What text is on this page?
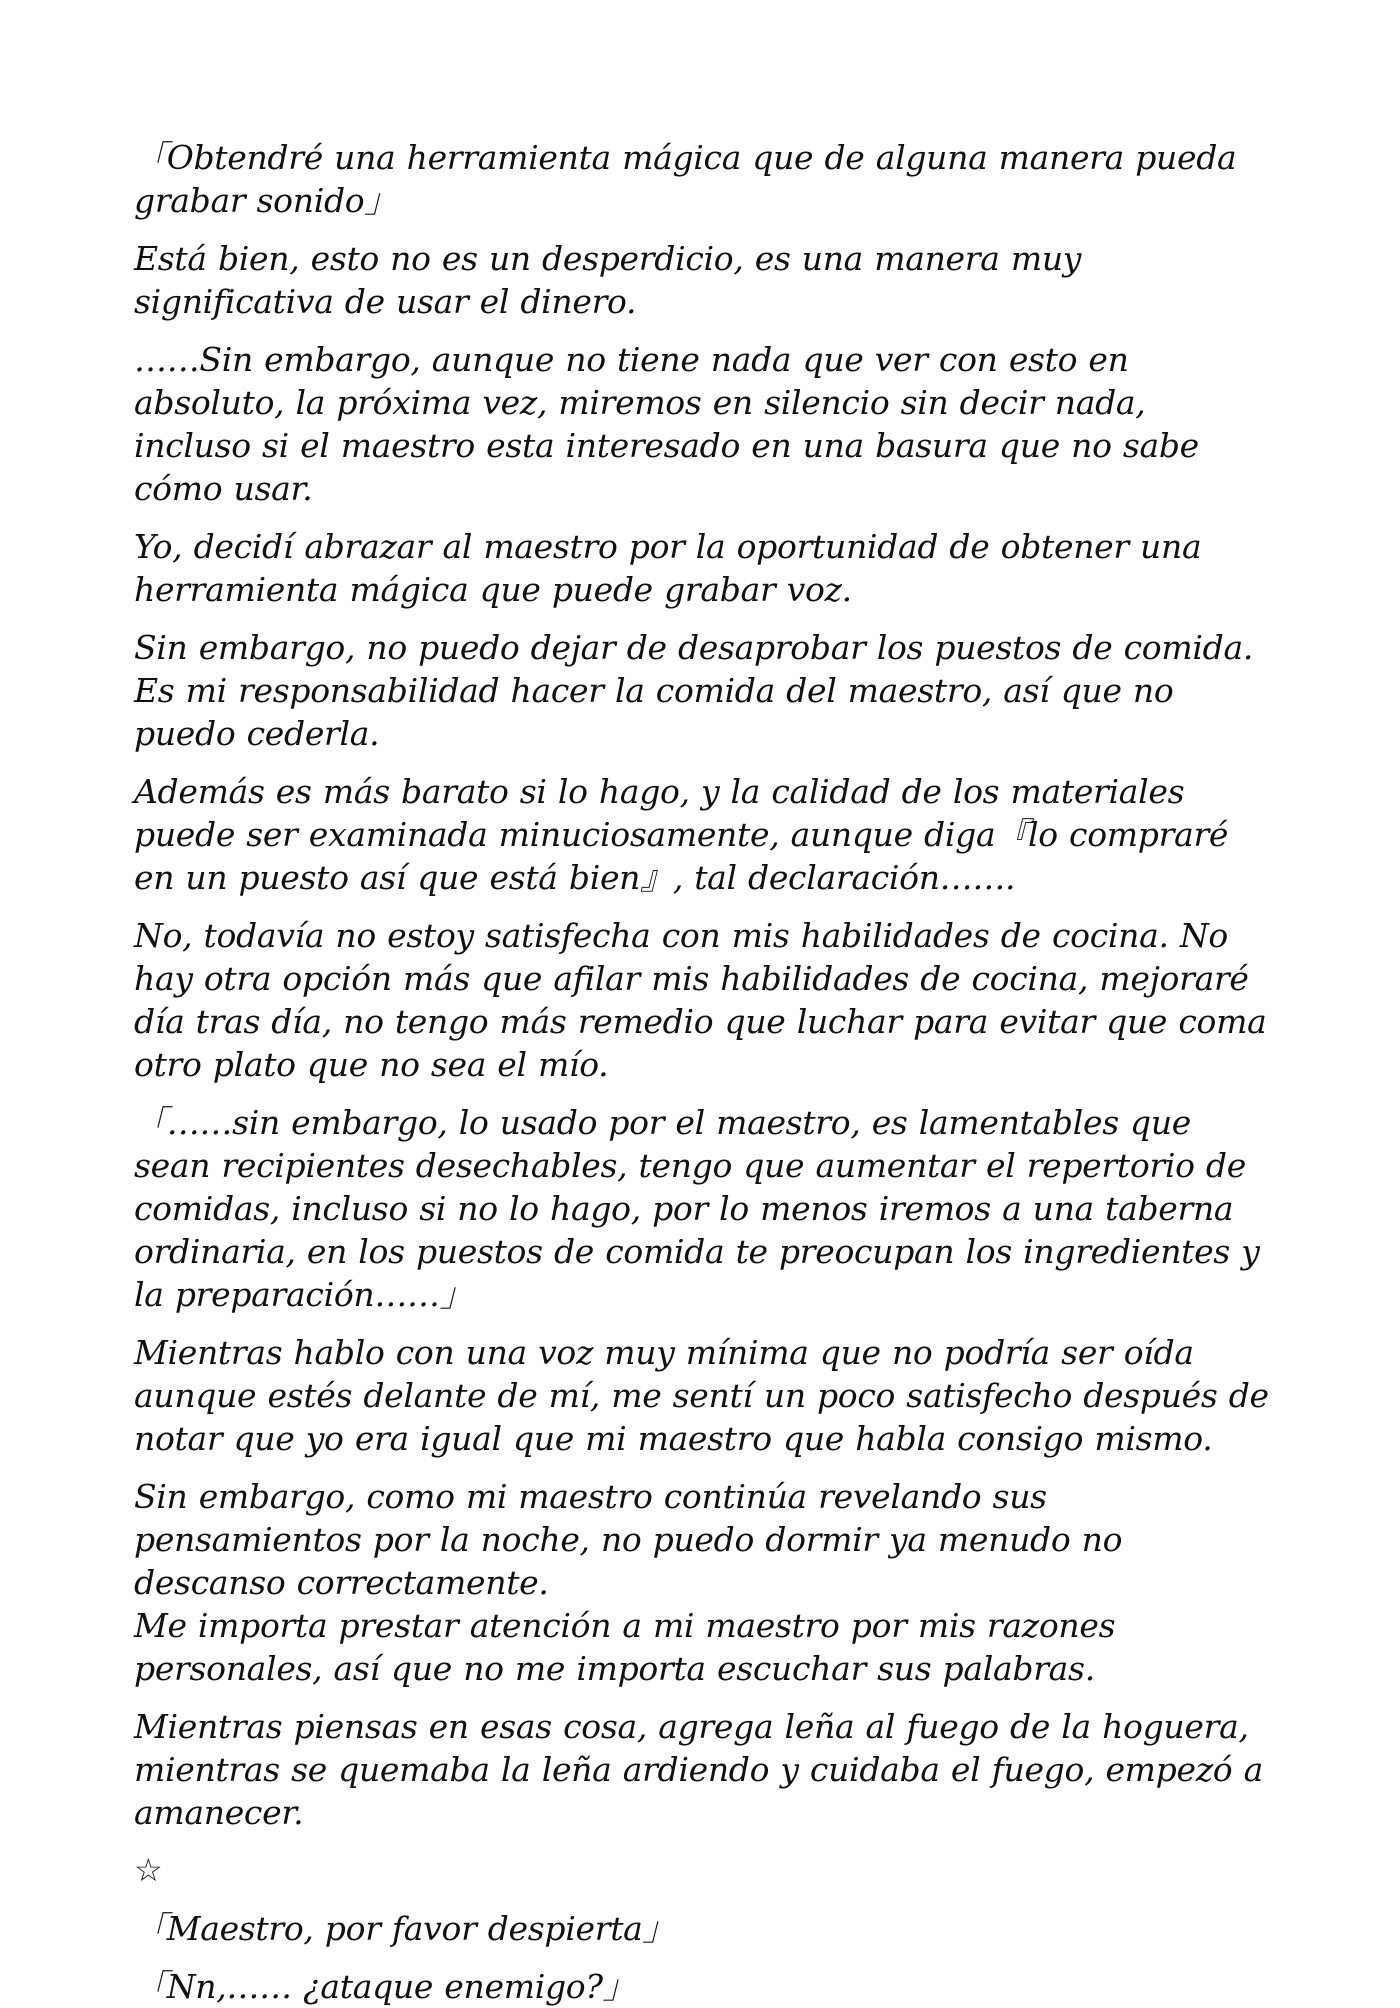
「Obtendré una herramienta mágica que de alguna manera pueda grabar sonido」

Está bien, esto no es un desperdicio, es una manera muy significativa de usar el dinero.

……Sin embargo, aunque no tiene nada que ver con esto en absoluto, la próxima vez, miremos en silencio sin decir nada, incluso si el maestro esta interesado en una basura que no sabe cómo usar.

Yo, decidí abrazar al maestro por la oportunidad de obtener una herramienta mágica que puede grabar voz.

Sin embargo, no puedo dejar de desaprobar los puestos de comida. Es mi responsabilidad hacer la comida del maestro, así que no puedo cederla.

Además es más barato si lo hago, y la calidad de los materiales puede ser examinada minuciosamente, aunque diga『lo compraré en un puesto así que está bien』, tal declaración…….

No, todavía no estoy satisfecha con mis habilidades de cocina. No hay otra opción más que afilar mis habilidades de cocina, mejoraré día tras día, no tengo más remedio que luchar para evitar que coma otro plato que no sea el mío.

「……sin embargo, lo usado por el maestro, es lamentables que sean recipientes desechables, tengo que aumentar el repertorio de comidas, incluso si no lo hago, por lo menos iremos a una taberna ordinaria, en los puestos de comida te preocupan los ingredientes y la preparación……」

Mientras hablo con una voz muy mínima que no podría ser oída aunque estés delante de mí, me sentí un poco satisfecho después de notar que yo era igual que mi maestro que habla consigo mismo.

Sin embargo, como mi maestro continúa revelando sus pensamientos por la noche, no puedo dormir ya menudo no descanso correctamente.

Me importa prestar atención a mi maestro por mis razones personales, así que no me importa escuchar sus palabras.

Mientras piensas en esas cosa, agrega leña al fuego de la hoguera, mientras se quemaba la leña ardiendo y cuidaba el fuego, empezó a amanecer.

☆

「Maestro, por favor despierta」

「Nn,…… ¿ataque enemigo?」
